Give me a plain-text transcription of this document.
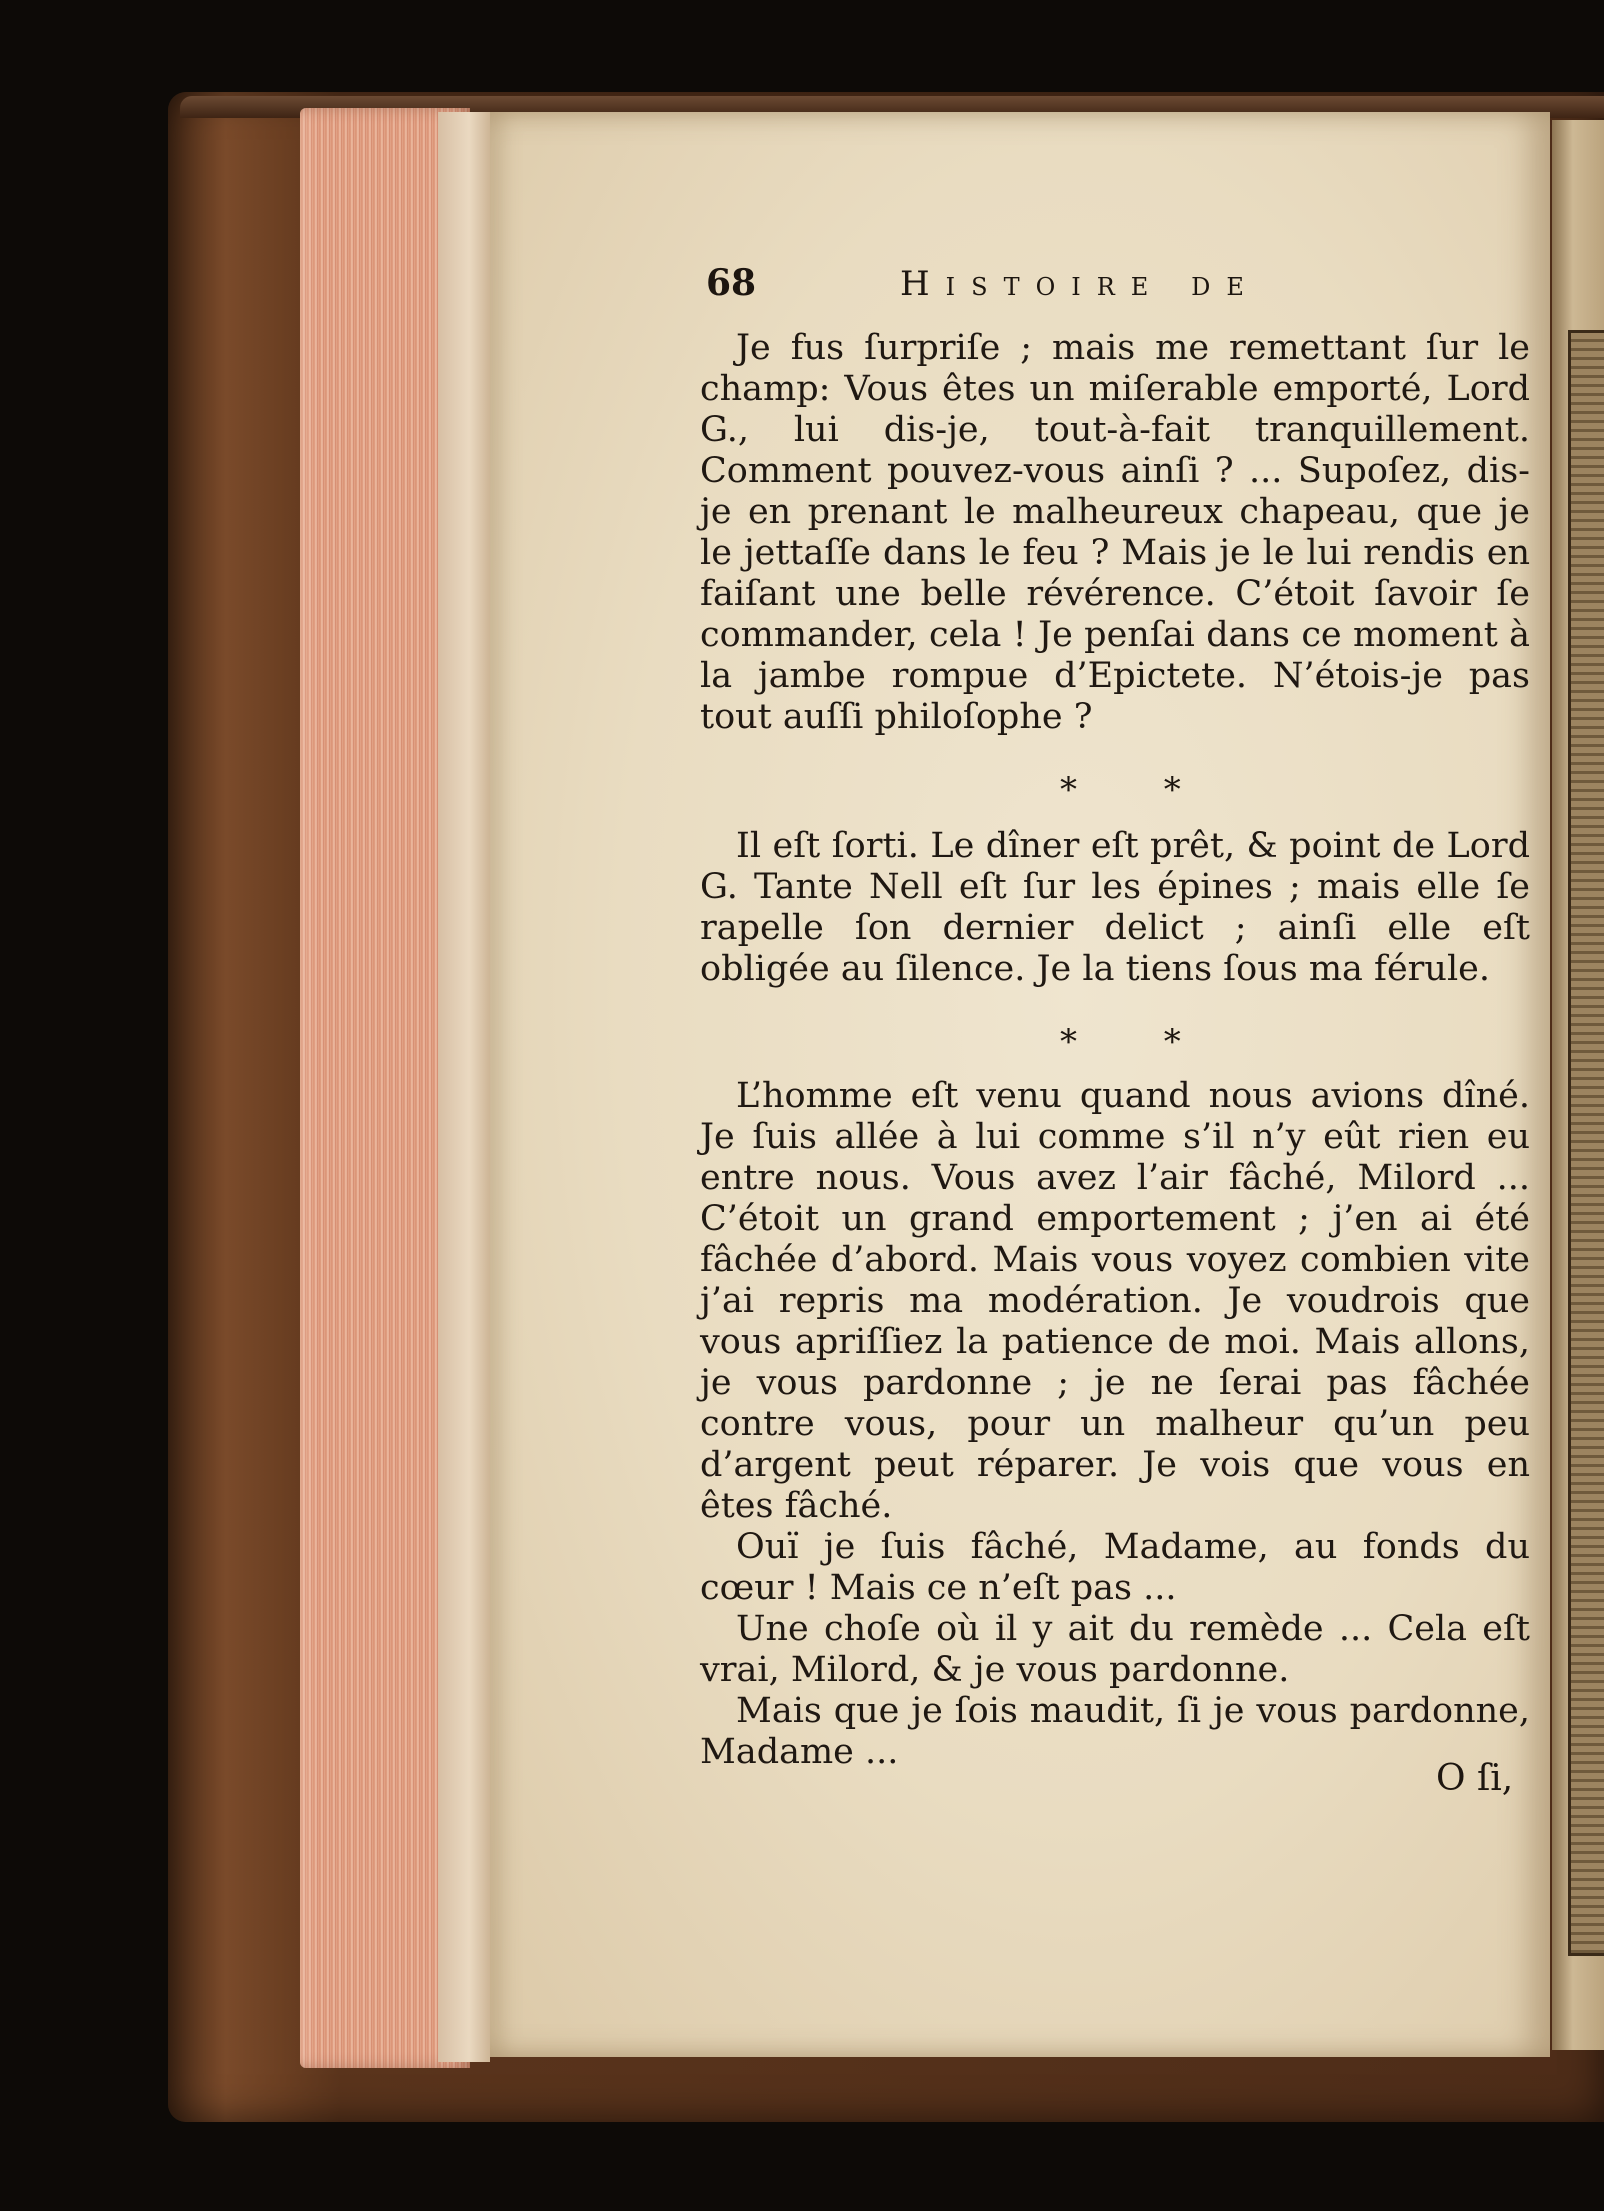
68	Histoire de

Je fus ſurpriſe ; mais me remettant ſur le champ: Vous êtes un miſerable emporté, Lord G., lui dis-je, tout-à-fait tranquillement. Comment pouvez-vous ainſi ? ... Supoſez, dis-je en prenant le malheureux chapeau, que je le jettaſſe dans le feu ? Mais je le lui rendis en faiſant une belle révérence. C’étoit ſavoir ſe commander, cela ! Je penſai dans ce moment à la jambe rompue d’Epictete. N’étois-je pas tout auſſi philoſophe ?

* *

Il eſt ſorti. Le dîner eſt prêt, & point de Lord G. Tante Nell eſt ſur les épines ; mais elle ſe rapelle ſon dernier delict ; ainſi elle eſt obligée au ſilence. Je la tiens ſous ma férule.

* *

L’homme eſt venu quand nous avions dîné. Je ſuis allée à lui comme s’il n’y eût rien eu entre nous. Vous avez l’air fâché, Milord ... C’étoit un grand emportement ; j’en ai été fâchée d’abord. Mais vous voyez combien vite j’ai repris ma modération. Je voudrois que vous apriſſiez la patience de moi. Mais allons, je vous pardonne ; je ne ſerai pas fâchée contre vous, pour un malheur qu’un peu d’argent peut réparer. Je vois que vous en êtes fâché.

Ouï je ſuis fâché, Madame, au fonds du cœur ! Mais ce n’eſt pas ...

Une choſe où il y ait du remède ... Cela eſt vrai, Milord, & je vous pardonne.

Mais que je ſois maudit, ſi je vous pardonne, Madame ...

O ſi,
